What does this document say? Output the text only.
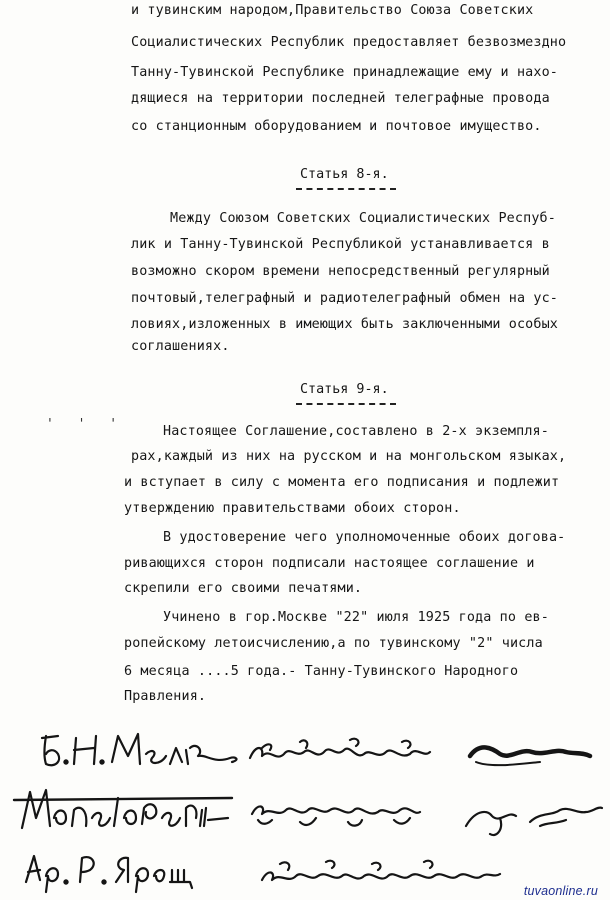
и тувинским народом,Правительство Союза Советских
Социалистических Республик предоставляет безвозмездно
Танну-Тувинской Республике принадлежащие ему и нахо-
дящиеся на территории последней телеграфные провода
со станционным оборудованием и почтовое имущество.
Статья 8-я.
Между Союзом Советских Социалистических Респуб-
лик и Танну-Тувинской Республикой устанавливается в
возможно скором времени непосредственный регулярный
почтовый,телеграфный и радиотелеграфный обмен на ус-
ловиях,изложенных в имеющих быть заключенными особых
соглашениях.
Статья 9-я.
' ' '	Настоящее Соглашение,составлено в 2-х экземпля-
рах,каждый из них на русском и на монгольском языках,
и вступает в силу с момента его подписания и подлежит
утверждению правительствами обоих сторон.
В удостоверение чего уполномоченные обоих догова-
ривающихся сторон подписали настоящее соглашение и
скрепили его своими печатями.
Учинено в гор.Москве "22" июля 1925 года по ев-
ропейскому летоисчислению,а по тувинскому "2" числа
6 месяца ....5 года.- Танну-Тувинского Народного
Правления.
tuvaonline.ru
